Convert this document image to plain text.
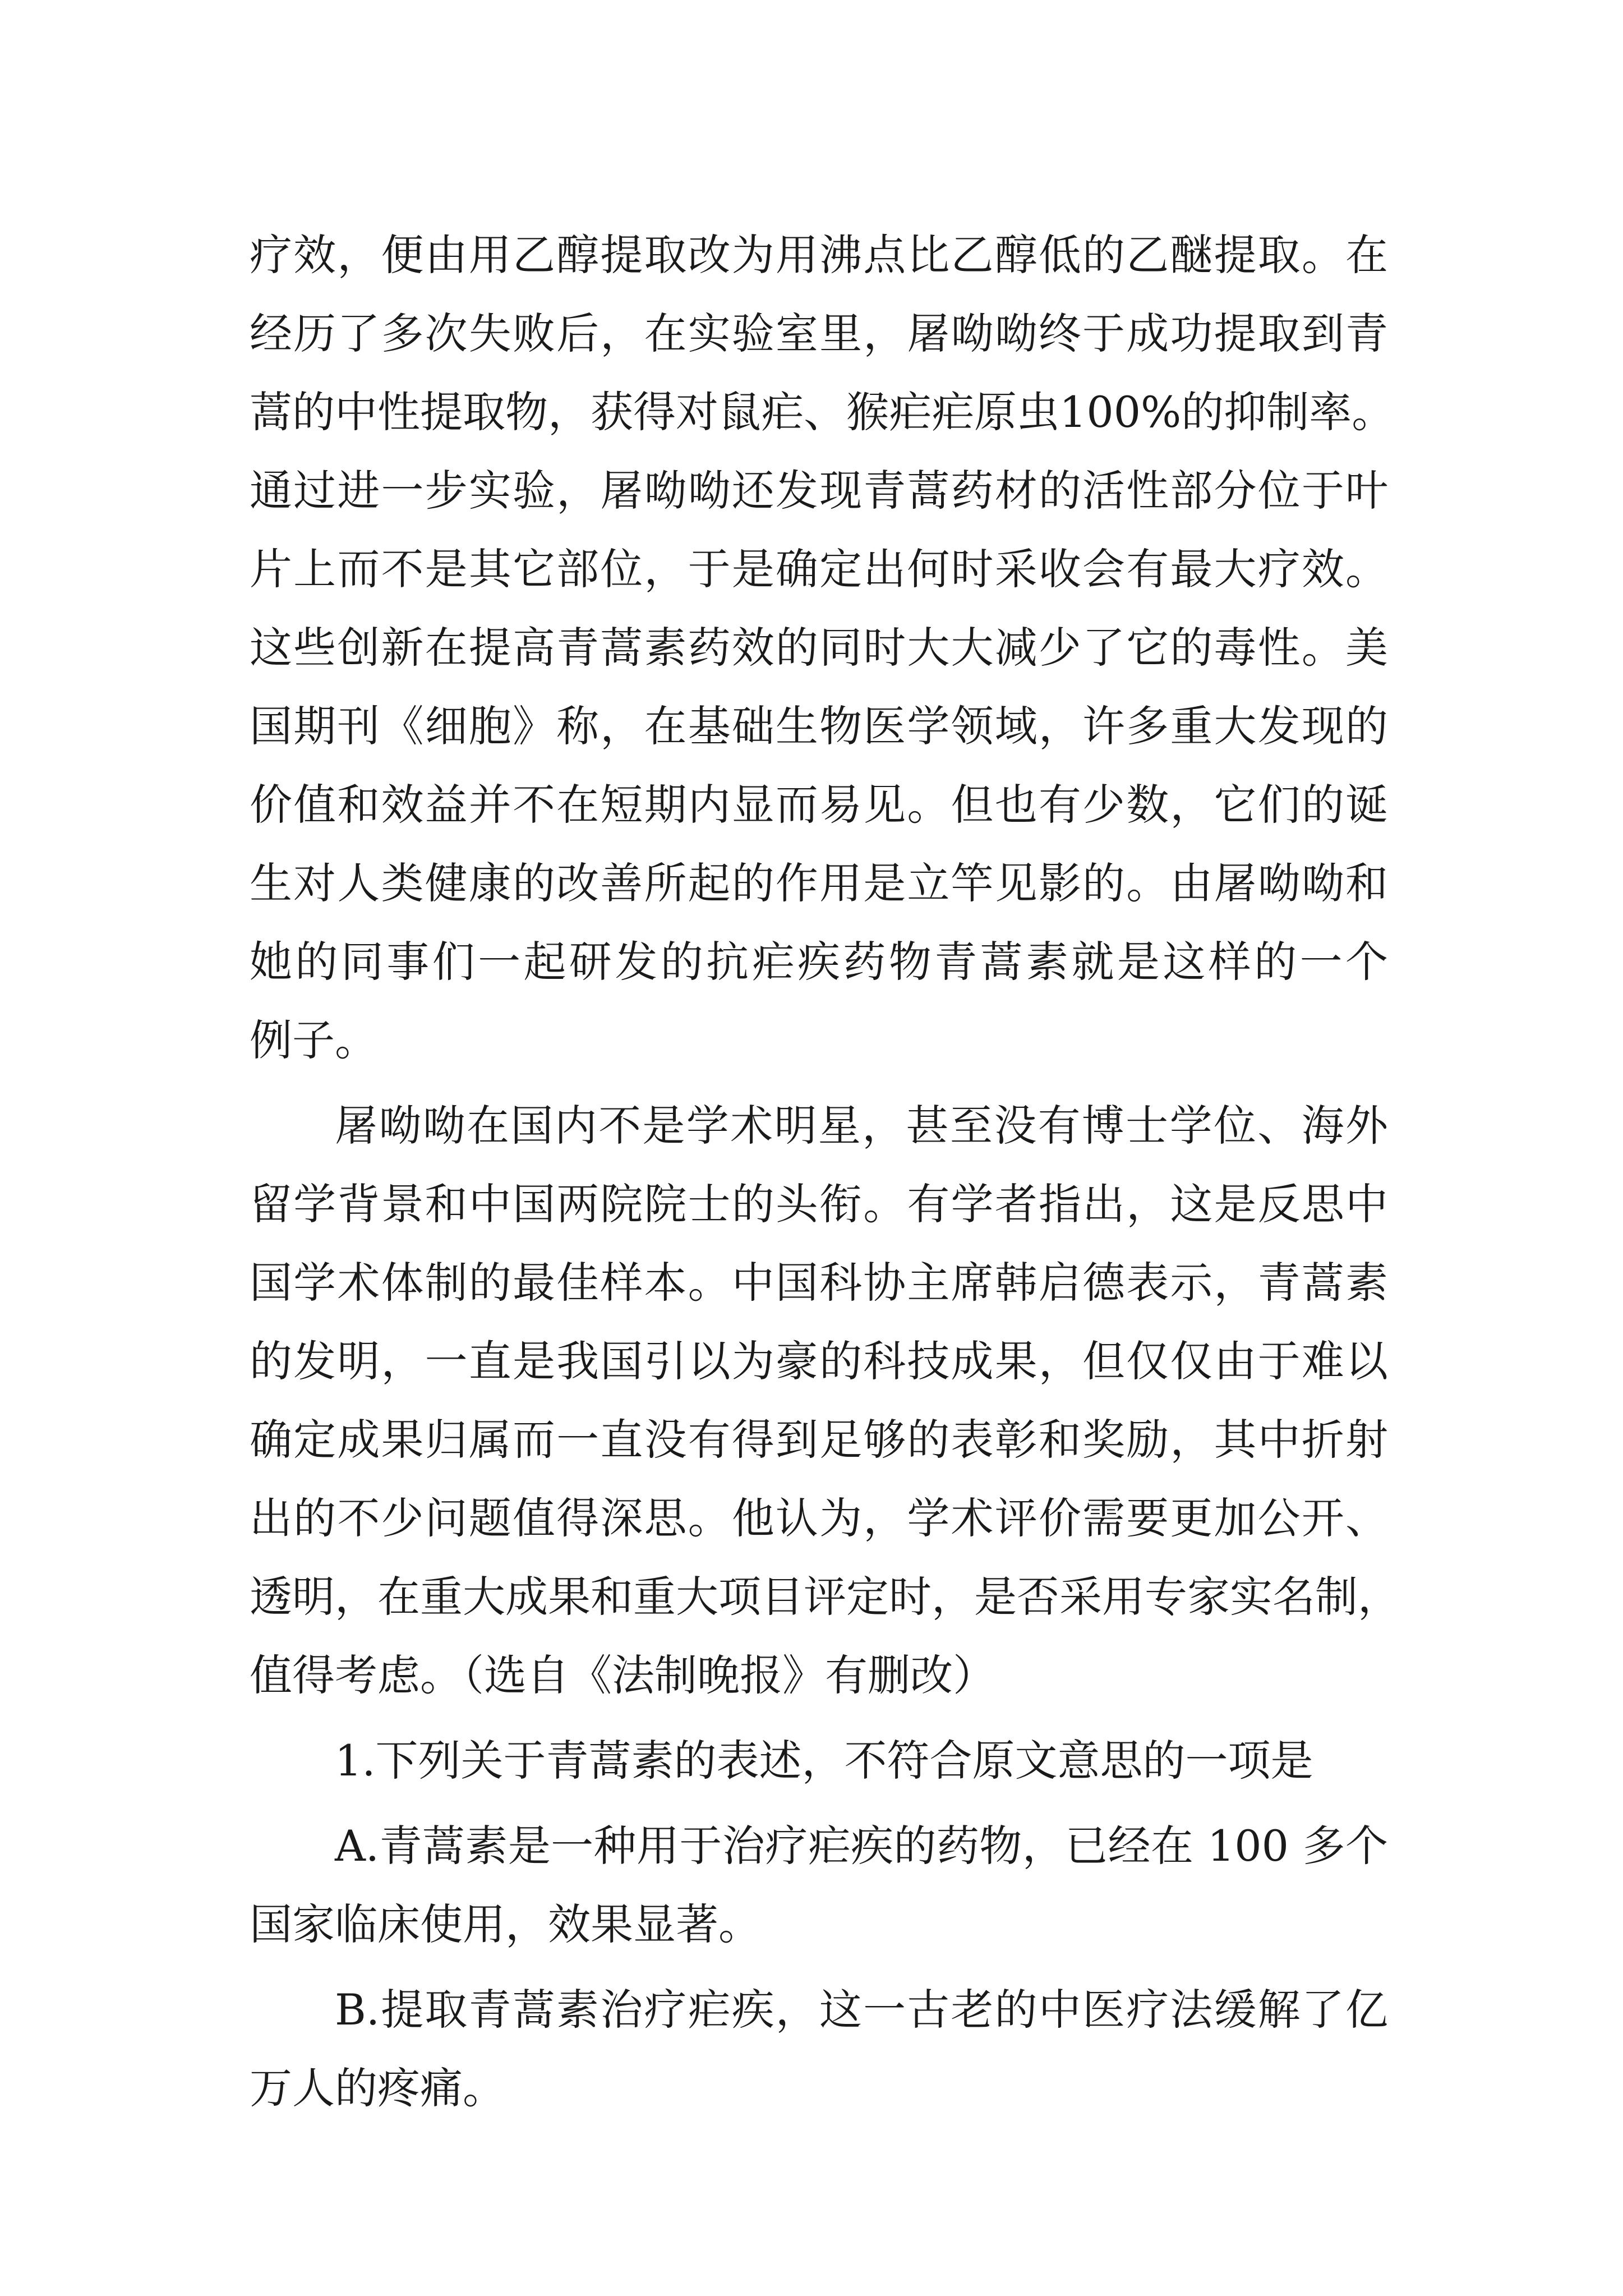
疗效，便由用乙醇提取改为用沸点比乙醇低的乙醚提取。在
经历了多次失败后，在实验室里，屠呦呦终于成功提取到青
蒿的中性提取物，获得对鼠疟、猴疟疟原虫100%的抑制率。
通过进一步实验，屠呦呦还发现青蒿药材的活性部分位于叶
片上而不是其它部位，于是确定出何时采收会有最大疗效。
这些创新在提高青蒿素药效的同时大大减少了它的毒性。美
国期刊《细胞》称，在基础生物医学领域，许多重大发现的
价值和效益并不在短期内显而易见。但也有少数，它们的诞
生对人类健康的改善所起的作用是立竿见影的。由屠呦呦和
她的同事们一起研发的抗疟疾药物青蒿素就是这样的一个
例子。
屠呦呦在国内不是学术明星，甚至没有博士学位、海外
留学背景和中国两院院士的头衔。有学者指出，这是反思中
国学术体制的最佳样本。中国科协主席韩启德表示，青蒿素
的发明，一直是我国引以为豪的科技成果，但仅仅由于难以
确定成果归属而一直没有得到足够的表彰和奖励，其中折射
出的不少问题值得深思。他认为，学术评价需要更加公开、
透明，在重大成果和重大项目评定时，是否采用专家实名制，
值得考虑。（选自《法制晚报》有删改）
1.下列关于青蒿素的表述，不符合原文意思的一项是
A.青蒿素是一种用于治疗疟疾的药物，已经在 100 多个
国家临床使用，效果显著。
B.提取青蒿素治疗疟疾，这一古老的中医疗法缓解了亿
万人的疼痛。
